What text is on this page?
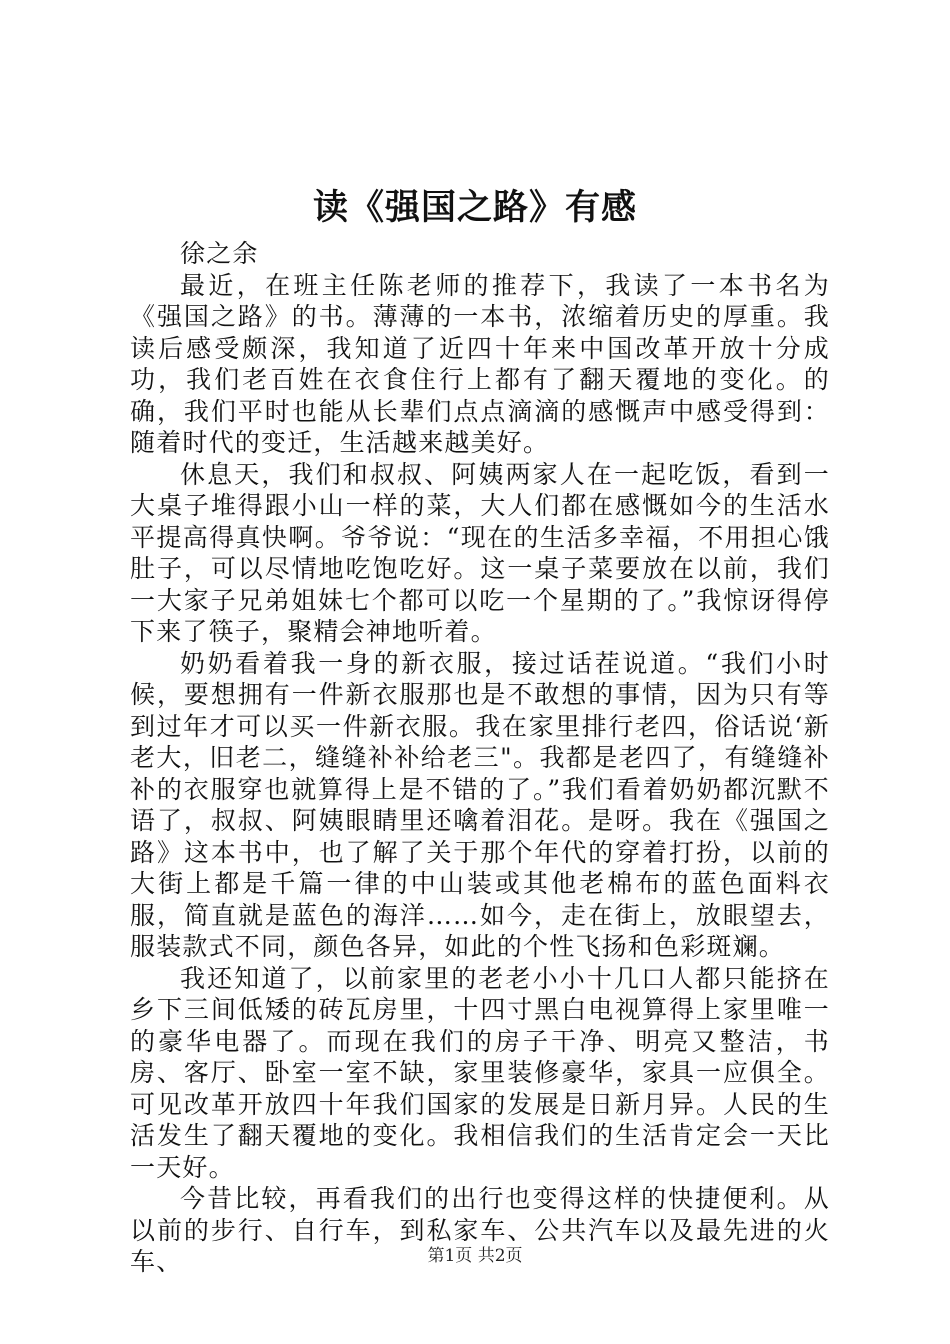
读《强国之路》有感

徐之余

最近，在班主任陈老师的推荐下，我读了一本书名为《强国之路》的书。薄薄的一本书，浓缩着历史的厚重。我读后感受颇深，我知道了近四十年来中国改革开放十分成功，我们老百姓在衣食住行上都有了翻天覆地的变化。的确，我们平时也能从长辈们点点滴滴的感慨声中感受得到：随着时代的变迁，生活越来越美好。

休息天，我们和叔叔、阿姨两家人在一起吃饭，看到一大桌子堆得跟小山一样的菜，大人们都在感慨如今的生活水平提高得真快啊。爷爷说：“现在的生活多幸福，不用担心饿肚子，可以尽情地吃饱吃好。这一桌子菜要放在以前，我们一大家子兄弟姐妹七个都可以吃一个星期的了。”我惊讶得停下来了筷子，聚精会神地听着。

奶奶看着我一身的新衣服，接过话茬说道。“我们小时候，要想拥有一件新衣服那也是不敢想的事情，因为只有等到过年才可以买一件新衣服。我在家里排行老四，俗话说‘新老大，旧老二，缝缝补补给老三"。我都是老四了，有缝缝补补的衣服穿也就算得上是不错的了。”我们看着奶奶都沉默不语了，叔叔、阿姨眼睛里还噙着泪花。是呀。我在《强国之路》这本书中，也了解了关于那个年代的穿着打扮，以前的大街上都是千篇一律的中山装或其他老棉布的蓝色面料衣服，简直就是蓝色的海洋……如今，走在街上，放眼望去，服装款式不同，颜色各异，如此的个性飞扬和色彩斑斓。

我还知道了，以前家里的老老小小十几口人都只能挤在乡下三间低矮的砖瓦房里，十四寸黑白电视算得上家里唯一的豪华电器了。而现在我们的房子干净、明亮又整洁，书房、客厅、卧室一室不缺，家里装修豪华，家具一应俱全。可见改革开放四十年我们国家的发展是日新月异。人民的生活发生了翻天覆地的变化。我相信我们的生活肯定会一天比一天好。

今昔比较，再看我们的出行也变得这样的快捷便利。从以前的步行、自行车，到私家车、公共汽车以及最先进的火车、	第1页 共2页
